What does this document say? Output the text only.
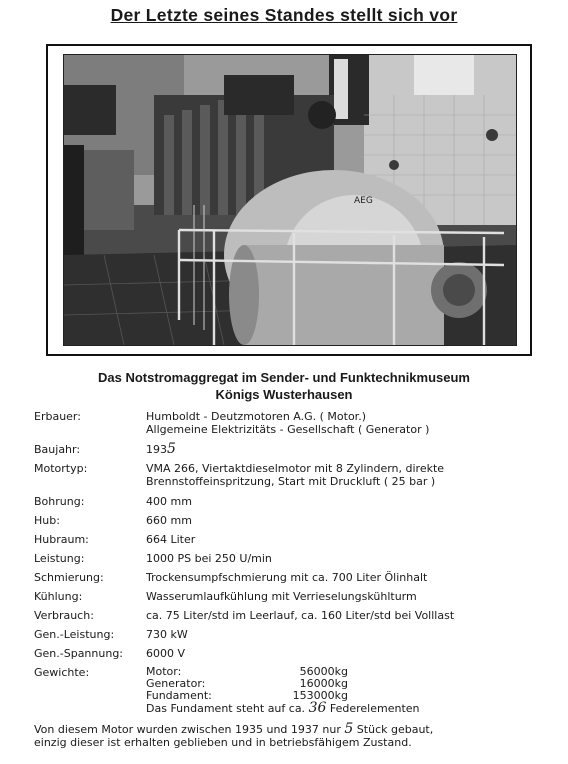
Der Letzte seines Standes stellt sich vor
AEG
Das Notstromaggregat im Sender- und Funktechnikmuseum
Königs Wusterhausen
Erbauer:	Humboldt - Deutzmotoren A.G. ( Motor.)
Allgemeine Elektrizitäts - Gesellschaft ( Generator )
Baujahr:	1935
Motortyp:	VMA 266, Viertaktdieselmotor mit 8 Zylindern, direkte
Brennstoffeinspritzung, Start mit Druckluft ( 25 bar )
Bohrung:	400 mm
Hub:	660 mm
Hubraum:	664 Liter
Leistung:	1000 PS bei 250 U/min
Schmierung:	Trockensumpfschmierung mit ca. 700 Liter Ölinhalt
Kühlung:	Wasserumlaufkühlung mit Verrieselungskühlturm
Verbrauch:	ca. 75 Liter/std im Leerlauf, ca. 160 Liter/std bei Volllast
Gen.-Leistung:	730 kW
Gen.-Spannung:	6000 V
Gewichte:	Motor:	56000kg
Generator:	16000kg
Fundament:	153000kg
Das Fundament steht auf ca. 36 Federelementen
Von diesem Motor wurden zwischen 1935 und 1937 nur 5 Stück gebaut,
einzig dieser ist erhalten geblieben und in betriebsfähigem Zustand.
